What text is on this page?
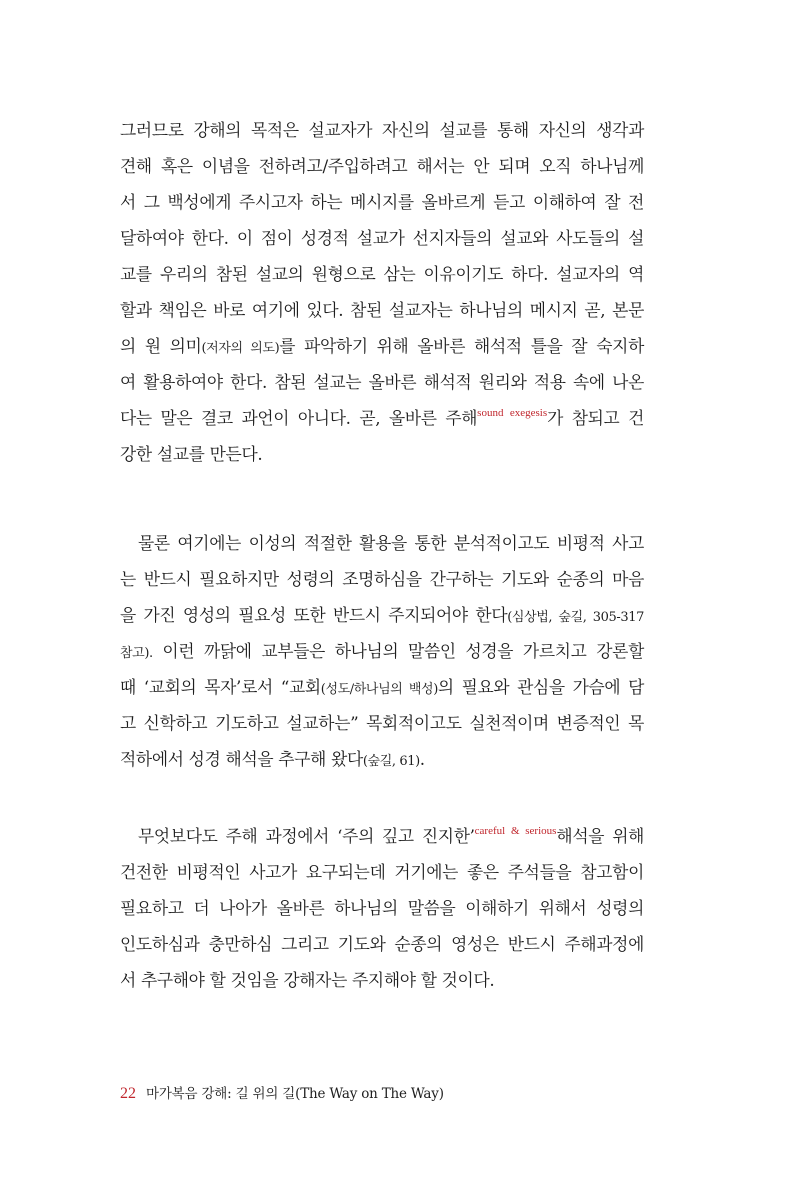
그러므로 강해의 목적은 설교자가 자신의 설교를 통해 자신의 생각과
견해 혹은 이념을 전하려고/주입하려고 해서는 안 되며 오직 하나님께
서 그 백성에게 주시고자 하는 메시지를 올바르게 듣고 이해하여 잘 전
달하여야 한다. 이 점이 성경적 설교가 선지자들의 설교와 사도들의 설
교를 우리의 참된 설교의 원형으로 삼는 이유이기도 하다. 설교자의 역
할과 책임은 바로 여기에 있다. 참된 설교자는 하나님의 메시지 곧, 본문
의 원 의미(저자의 의도)를 파악하기 위해 올바른 해석적 틀을 잘 숙지하
여 활용하여야 한다. 참된 설교는 올바른 해석적 원리와 적용 속에 나온
다는 말은 결코 과언이 아니다. 곧, 올바른 주해$^{sound exegesis}$가 참되고 건
강한 설교를 만든다.
물론 여기에는 이성의 적절한 활용을 통한 분석적이고도 비평적 사고
는 반드시 필요하지만 성령의 조명하심을 간구하는 기도와 순종의 마음
을 가진 영성의 필요성 또한 반드시 주지되어야 한다(심상법, 숲길, 305-317
참고). 이런 까닭에 교부들은 하나님의 말씀인 성경을 가르치고 강론할
때 ‘교회의 목자’로서 “교회(성도/하나님의 백성)의 필요와 관심을 가슴에 담
고 신학하고 기도하고 설교하는” 목회적이고도 실천적이며 변증적인 목
적하에서 성경 해석을 추구해 왔다(숲길, 61).
무엇보다도 주해 과정에서 ‘주의 깊고 진지한’$^{careful \& serious}$해석을 위해
건전한 비평적인 사고가 요구되는데 거기에는 좋은 주석들을 참고함이
필요하고 더 나아가 올바른 하나님의 말씀을 이해하기 위해서 성령의
인도하심과 충만하심 그리고 기도와 순종의 영성은 반드시 주해과정에
서 추구해야 할 것임을 강해자는 주지해야 할 것이다.
22 마가복음 강해: 길 위의 길(The Way on The Way)
